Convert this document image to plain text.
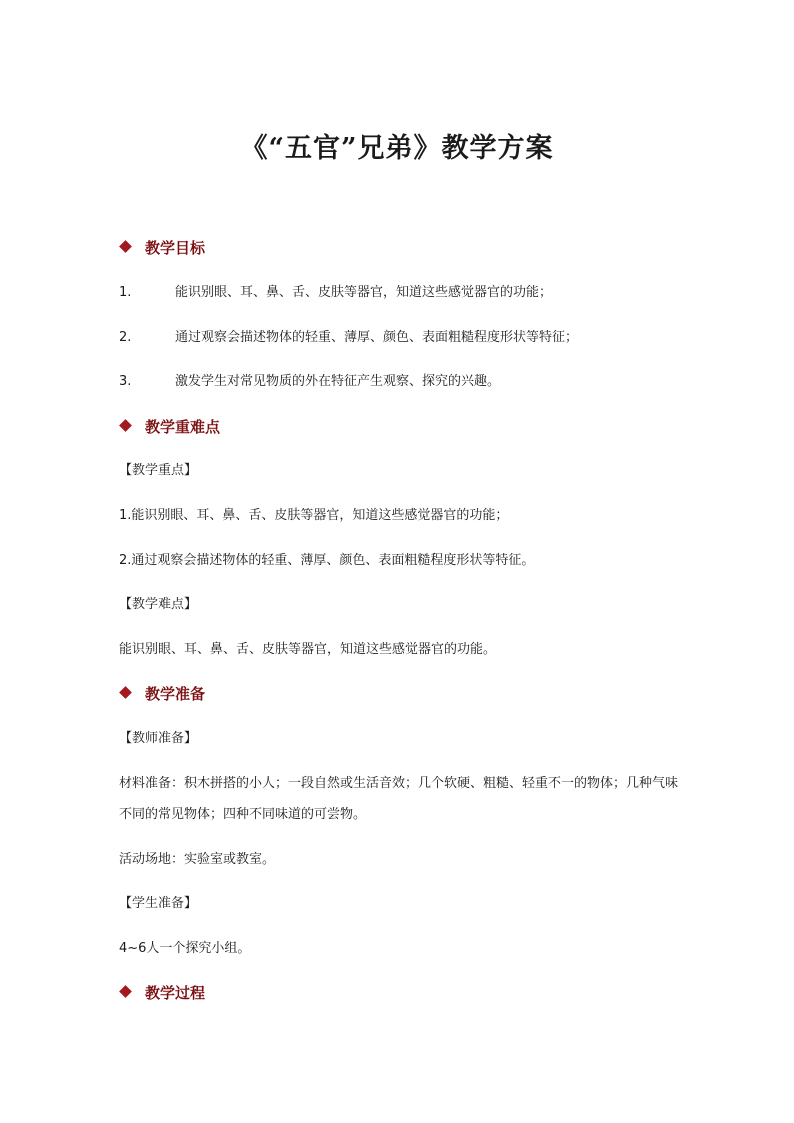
《“五官”兄弟》教学方案
教学目标
1.	能识别眼、耳、鼻、舌、皮肤等器官，知道这些感觉器官的功能；
2.	通过观察会描述物体的轻重、薄厚、颜色、表面粗糙程度形状等特征；
3.	激发学生对常见物质的外在特征产生观察、探究的兴趣。
教学重难点
【教学重点】
1.能识别眼、耳、鼻、舌、皮肤等器官，知道这些感觉器官的功能；
2.通过观察会描述物体的轻重、薄厚、颜色、表面粗糙程度形状等特征。
【教学难点】
能识别眼、耳、鼻、舌、皮肤等器官，知道这些感觉器官的功能。
教学准备
【教师准备】
材料准备：积木拼搭的小人；一段自然或生活音效；几个软硬、粗糙、轻重不一的物体；几种气味不同的常见物体；四种不同味道的可尝物。
活动场地：实验室或教室。
【学生准备】
4~6人一个探究小组。
教学过程
